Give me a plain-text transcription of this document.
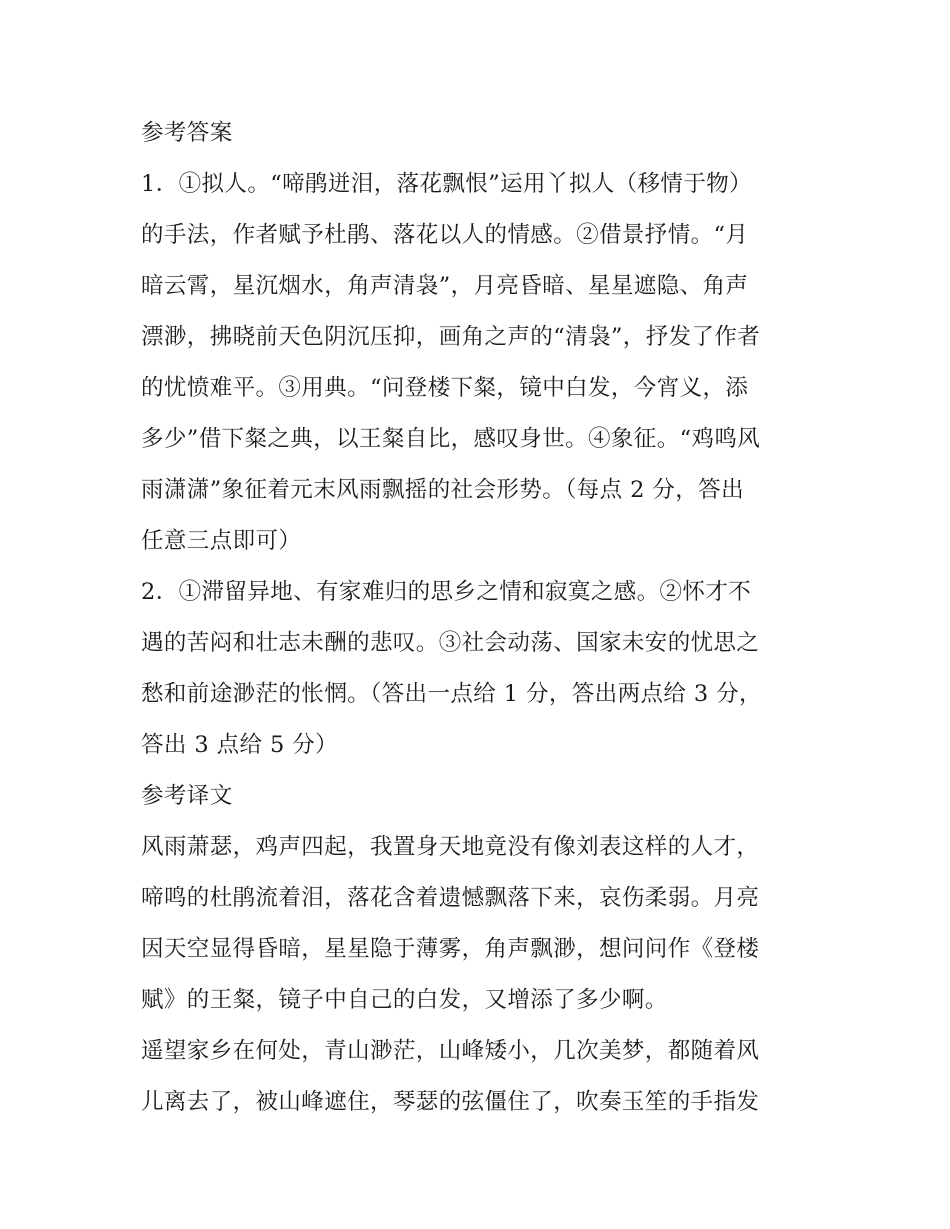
参考答案
1．①拟人。“啼鹃迸泪，落花飘恨”运用丫拟人（移情于物）
的手法，作者赋予杜鹃、落花以人的情感。②借景抒情。“月
暗云霄，星沉烟水，角声清袅”，月亮昏暗、星星遮隐、角声
漂渺，拂晓前天色阴沉压抑，画角之声的“清袅”，抒发了作者
的忧愤难平。③用典。“问登楼下粲，镜中白发，今宵义，添
多少”借下粲之典，以王粲自比，感叹身世。④象征。“鸡鸣风
雨潇潇”象征着元末风雨飘摇的社会形势。（每点 2 分，答出
任意三点即可）
2．①滞留异地、有家难归的思乡之情和寂寞之感。②怀才不
遇的苦闷和壮志未酬的悲叹。③社会动荡、国家未安的忧思之
愁和前途渺茫的怅惘。（答出一点给 1 分，答出两点给 3 分，
答出 3 点给 5 分）
参考译文
风雨萧瑟，鸡声四起，我置身天地竟没有像刘表这样的人才，
啼鸣的杜鹃流着泪，落花含着遗憾飘落下来，哀伤柔弱。月亮
因天空显得昏暗，星星隐于薄雾，角声飘渺，想问问作《登楼
赋》的王粲，镜子中自己的白发，又增添了多少啊。
遥望家乡在何处，青山渺茫，山峰矮小，几次美梦，都随着风
儿离去了，被山峰遮住，琴瑟的弦僵住了，吹奏玉笙的手指发
